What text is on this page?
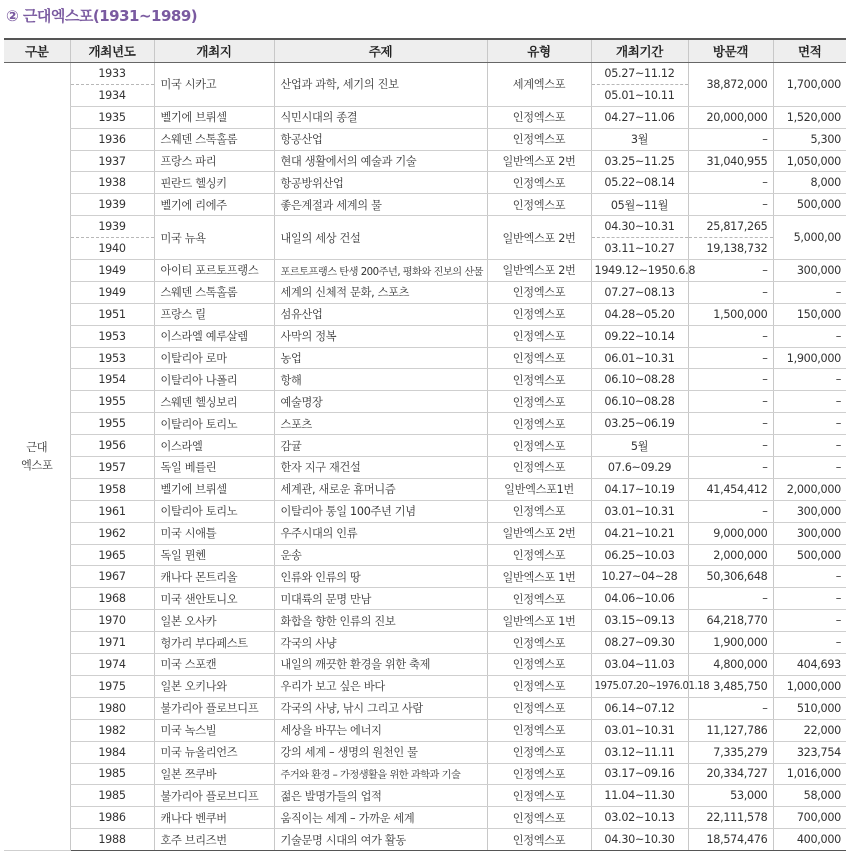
② 근대엑스포(1931~1989)
구분	개최년도	개최지	주제	유형	개최기간	방문객	면적
근대
엑스포	1933	미국 시카고	산업과 과학, 세기의 진보	세계엑스포	05.27~11.12	38,872,000	1,700,000
	1934				05.01~10.11		
	1935	벨기에 브뤼셀	식민시대의 종결	인정엑스포	04.27~11.06	20,000,000	1,520,000
	1936	스웨덴 스톡홀롬	항공산업	인정엑스포	3월	–	5,300
	1937	프랑스 파리	현대 생활에서의 예술과 기술	일반엑스포 2번	03.25~11.25	31,040,955	1,050,000
	1938	핀란드 헬싱키	항공방위산업	인정엑스포	05.22~08.14	–	8,000
	1939	벨기에 리에주	좋은계절과 세계의 물	인정엑스포	05월~11월	–	500,000
	1939	미국 뉴욕	내일의 세상 건설	일반엑스포 2번	04.30~10.31	25,817,265	5,000,00
	1940				03.11~10.27	19,138,732	
	1949	아이티 포르토프랭스	포르토프랭스 탄생 200주년, 평화와 진보의 산물	일반엑스포 2번	1949.12~1950.6.8	–	300,000
	1949	스웨덴 스톡홀롬	세계의 신체적 문화, 스포츠	인정엑스포	07.27~08.13	–	–
	1951	프랑스 릴	섬유산업	인정엑스포	04.28~05.20	1,500,000	150,000
	1953	이스라엘 예루살렘	사막의 정복	인정엑스포	09.22~10.14	–	–
	1953	이탈리아 로마	농업	인정엑스포	06.01~10.31	–	1,900,000
	1954	이탈리아 나폴리	항해	인정엑스포	06.10~08.28	–	–
	1955	스웨덴 헬싱보리	예술명장	인정엑스포	06.10~08.28	–	–
	1955	이탈리아 토리노	스포츠	인정엑스포	03.25~06.19	–	–
	1956	이스라엘	감귤	인정엑스포	5월	–	–
	1957	독일 베를린	한자 지구 재건설	인정엑스포	07.6~09.29	–	–
	1958	벨기에 브뤼셀	세계관, 새로운 휴머니즘	일반엑스포1번	04.17~10.19	41,454,412	2,000,000
	1961	이탈리아 토리노	이탈리아 통일 100주년 기념	인정엑스포	03.01~10.31	–	300,000
	1962	미국 시애틀	우주시대의 인류	일반엑스포 2번	04.21~10.21	9,000,000	300,000
	1965	독일 뮌헨	운송	인정엑스포	06.25~10.03	2,000,000	500,000
	1967	캐나다 몬트리올	인류와 인류의 땅	일반엑스포 1번	10.27~04~28	50,306,648	–
	1968	미국 샌안토니오	미대륙의 문명 만남	인정엑스포	04.06~10.06	–	–
	1970	일본 오사카	화합을 향한 인류의 진보	일반엑스포 1번	03.15~09.13	64,218,770	–
	1971	헝가리 부다페스트	각국의 사냥	인정엑스포	08.27~09.30	1,900,000	–
	1974	미국 스포캔	내일의 깨끗한 환경을 위한 축제	인정엑스포	03.04~11.03	4,800,000	404,693
	1975	일본 오키나와	우리가 보고 싶은 바다	인정엑스포	1975.07.20~1976.01.18	3,485,750	1,000,000
	1980	불가리아 플로브디프	각국의 사냥, 낚시 그리고 사람	인정엑스포	06.14~07.12	–	510,000
	1982	미국 녹스빌	세상을 바꾸는 에너지	인정엑스포	03.01~10.31	11,127,786	22,000
	1984	미국 뉴올리언즈	강의 세계 – 생명의 원천인 물	인정엑스포	03.12~11.11	7,335,279	323,754
	1985	일본 쯔쿠바	주거와 환경 – 가정생활을 위한 과학과 기술	인정엑스포	03.17~09.16	20,334,727	1,016,000
	1985	불가리아 플로브디프	젊은 발명가들의 업적	인정엑스포	11.04~11.30	53,000	58,000
	1986	캐나다 벤쿠버	움직이는 세계 – 가까운 세계	인정엑스포	03.02~10.13	22,111,578	700,000
	1988	호주 브리즈번	기술문명 시대의 여가 활동	인정엑스포	04.30~10.30	18,574,476	400,000
